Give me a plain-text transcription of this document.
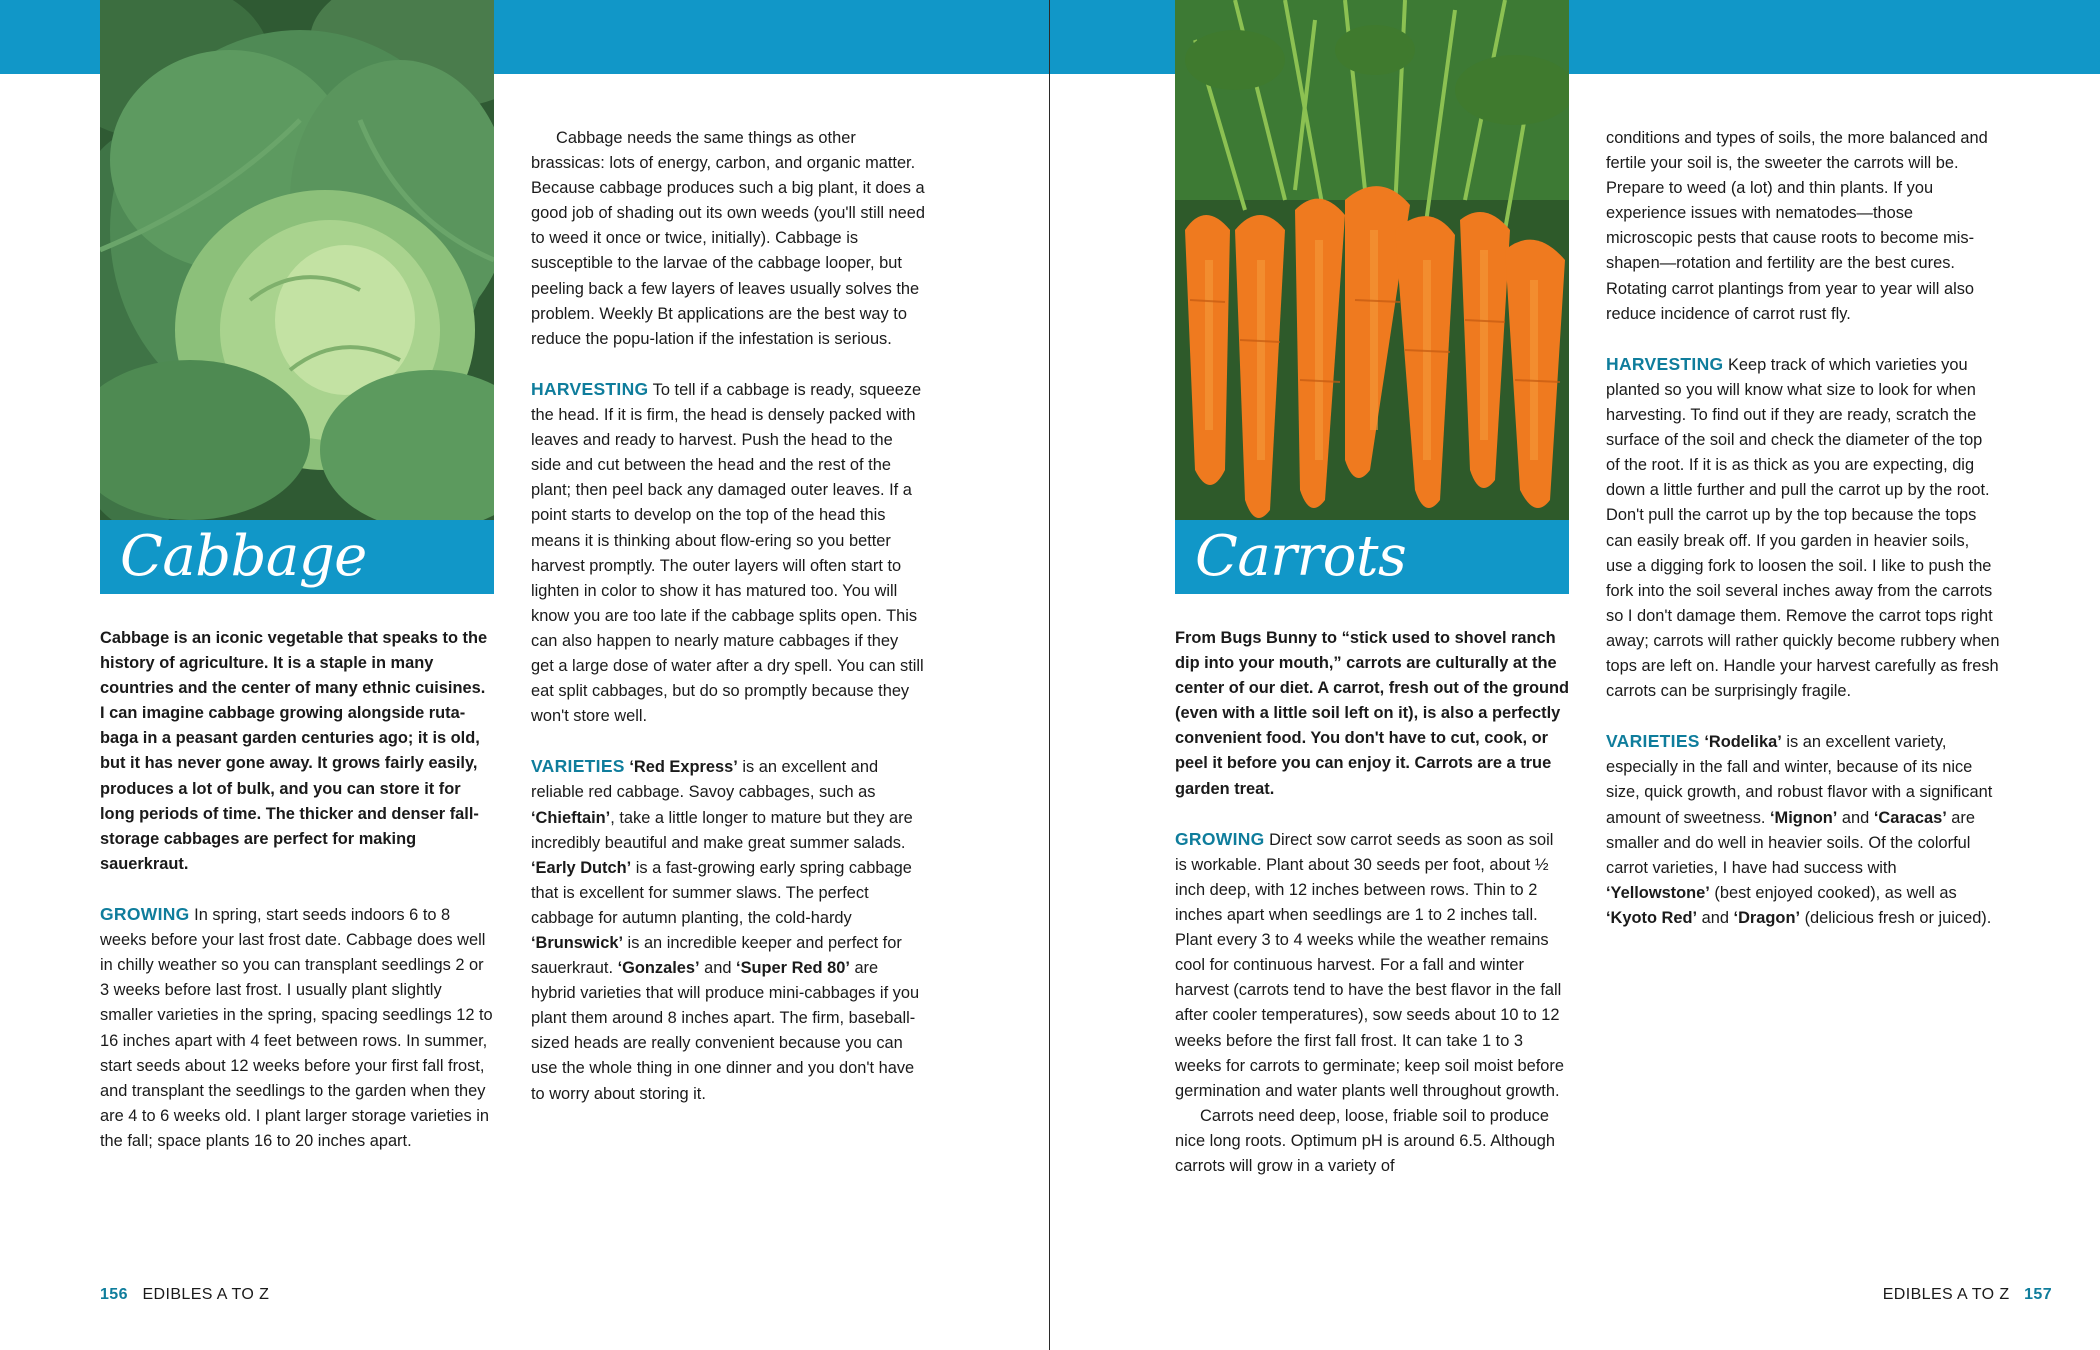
Cabbage

Cabbage is an iconic vegetable that speaks to the history of agriculture. It is a staple in many countries and the center of many ethnic cuisines. I can imagine cabbage growing alongside ruta-baga in a peasant garden centuries ago; it is old, but it has never gone away. It grows fairly easily, produces a lot of bulk, and you can store it for long periods of time. The thicker and denser fall-storage cabbages are perfect for making sauerkraut.

GROWING In spring, start seeds indoors 6 to 8 weeks before your last frost date. Cabbage does well in chilly weather so you can transplant seedlings 2 or 3 weeks before last frost. I usually plant slightly smaller varieties in the spring, spacing seedlings 12 to 16 inches apart with 4 feet between rows. In summer, start seeds about 12 weeks before your first fall frost, and transplant the seedlings to the garden when they are 4 to 6 weeks old. I plant larger storage varieties in the fall; space plants 16 to 20 inches apart.

Cabbage needs the same things as other brassicas: lots of energy, carbon, and organic matter. Because cabbage produces such a big plant, it does a good job of shading out its own weeds (you'll still need to weed it once or twice, initially). Cabbage is susceptible to the larvae of the cabbage looper, but peeling back a few layers of leaves usually solves the problem. Weekly Bt applications are the best way to reduce the popu-lation if the infestation is serious.

HARVESTING To tell if a cabbage is ready, squeeze the head. If it is firm, the head is densely packed with leaves and ready to harvest. Push the head to the side and cut between the head and the rest of the plant; then peel back any damaged outer leaves. If a point starts to develop on the top of the head this means it is thinking about flow-ering so you better harvest promptly. The outer layers will often start to lighten in color to show it has matured too. You will know you are too late if the cabbage splits open. This can also happen to nearly mature cabbages if they get a large dose of water after a dry spell. You can still eat split cabbages, but do so promptly because they won't store well.

VARIETIES ‘Red Express’ is an excellent and reliable red cabbage. Savoy cabbages, such as ‘Chieftain’, take a little longer to mature but they are incredibly beautiful and make great summer salads. ‘Early Dutch’ is a fast-growing early spring cabbage that is excellent for summer slaws. The perfect cabbage for autumn planting, the cold-hardy ‘Brunswick’ is an incredible keeper and perfect for sauerkraut. ‘Gonzales’ and ‘Super Red 80’ are hybrid varieties that will produce mini-cabbages if you plant them around 8 inches apart. The firm, baseball-sized heads are really convenient because you can use the whole thing in one dinner and you don't have to worry about storing it.

156 EDIBLES A TO Z
Carrots

From Bugs Bunny to “stick used to shovel ranch dip into your mouth,” carrots are culturally at the center of our diet. A carrot, fresh out of the ground (even with a little soil left on it), is also a perfectly convenient food. You don't have to cut, cook, or peel it before you can enjoy it. Carrots are a true garden treat.

GROWING Direct sow carrot seeds as soon as soil is workable. Plant about 30 seeds per foot, about ½ inch deep, with 12 inches between rows. Thin to 2 inches apart when seedlings are 1 to 2 inches tall. Plant every 3 to 4 weeks while the weather remains cool for continuous harvest. For a fall and winter harvest (carrots tend to have the best flavor in the fall after cooler temperatures), sow seeds about 10 to 12 weeks before the first fall frost. It can take 1 to 3 weeks for carrots to germinate; keep soil moist before germination and water plants well throughout growth.

Carrots need deep, loose, friable soil to produce nice long roots. Optimum pH is around 6.5. Although carrots will grow in a variety of

conditions and types of soils, the more balanced and fertile your soil is, the sweeter the carrots will be. Prepare to weed (a lot) and thin plants. If you experience issues with nematodes—those microscopic pests that cause roots to become mis-shapen—rotation and fertility are the best cures. Rotating carrot plantings from year to year will also reduce incidence of carrot rust fly.

HARVESTING Keep track of which varieties you planted so you will know what size to look for when harvesting. To find out if they are ready, scratch the surface of the soil and check the diameter of the top of the root. If it is as thick as you are expecting, dig down a little further and pull the carrot up by the root. Don't pull the carrot up by the top because the tops can easily break off. If you garden in heavier soils, use a digging fork to loosen the soil. I like to push the fork into the soil several inches away from the carrots so I don't damage them. Remove the carrot tops right away; carrots will rather quickly become rubbery when tops are left on. Handle your harvest carefully as fresh carrots can be surprisingly fragile.

VARIETIES ‘Rodelika’ is an excellent variety, especially in the fall and winter, because of its nice size, quick growth, and robust flavor with a significant amount of sweetness. ‘Mignon’ and ‘Caracas’ are smaller and do well in heavier soils. Of the colorful carrot varieties, I have had success with ‘Yellowstone’ (best enjoyed cooked), as well as ‘Kyoto Red’ and ‘Dragon’ (delicious fresh or juiced).

EDIBLES A TO Z 157
